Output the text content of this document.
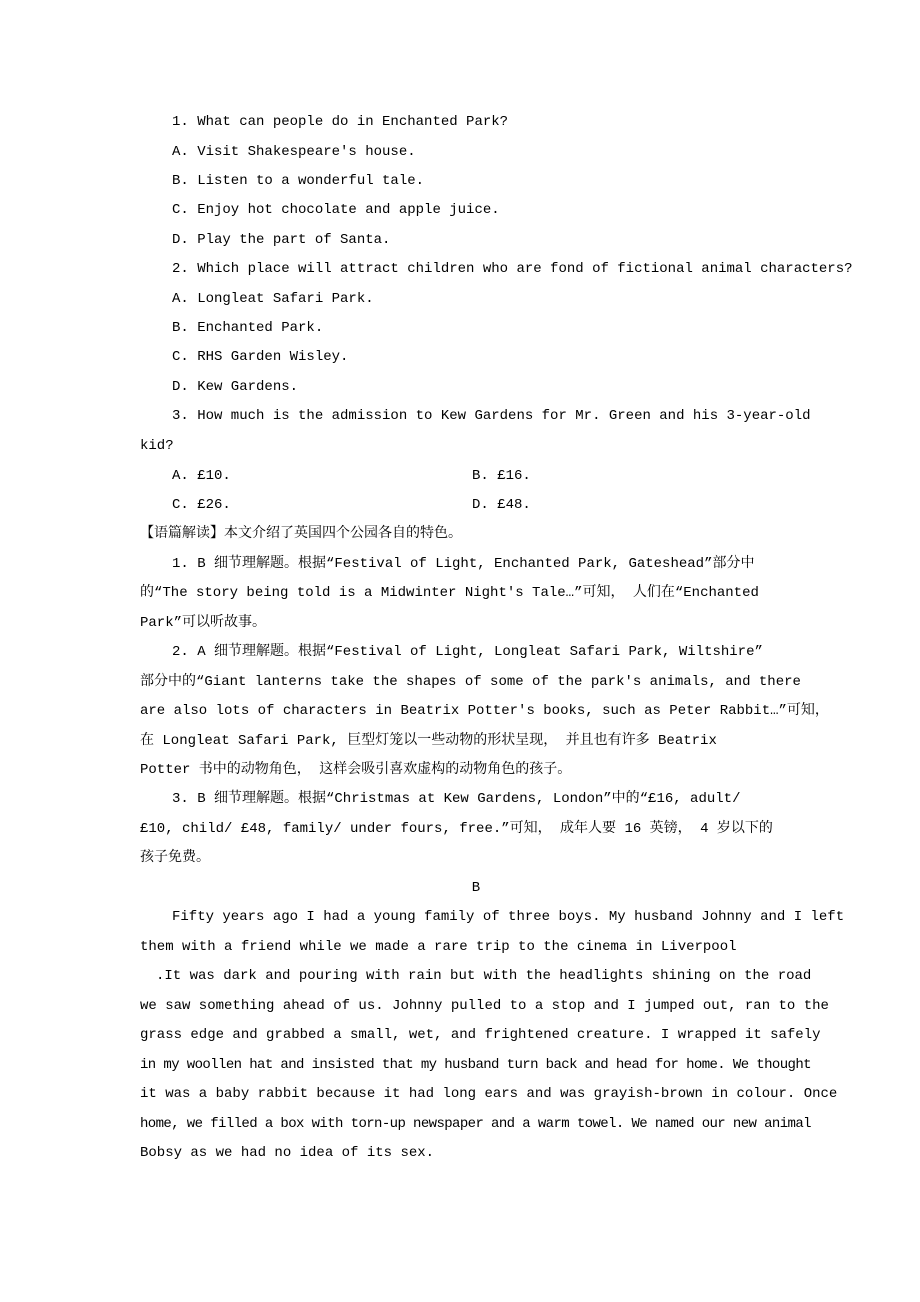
1. What can people do in Enchanted Park?
A. Visit Shakespeare's house.
B. Listen to a wonderful tale.
C. Enjoy hot chocolate and apple juice.
D. Play the part of Santa.
2. Which place will attract children who are fond of fictional animal characters?
A. Longleat Safari Park.
B. Enchanted Park.
C. RHS Garden Wisley.
D. Kew Gardens.
3. How much is the admission to Kew Gardens for Mr. Green and his 3-year-old
kid?
A. £10.	B. £16.
C. £26.	D. £48.
【语篇解读】本文介绍了英国四个公园各自的特色。
1. B 细节理解题。根据“Festival of Light, Enchanted Park, Gateshead”部分中
的“The story being told is a Midwinter Night's Tale…”可知， 人们在“Enchanted
Park”可以听故事。
2. A 细节理解题。根据“Festival of Light, Longleat Safari Park, Wiltshire”
部分中的“Giant lanterns take the shapes of some of the park's animals, and there
are also lots of characters in Beatrix Potter's books, such as Peter Rabbit…”可知，
在 Longleat Safari Park, 巨型灯笼以一些动物的形状呈现， 并且也有许多 Beatrix
Potter 书中的动物角色， 这样会吸引喜欢虚构的动物角色的孩子。
3. B 细节理解题。根据“Christmas at Kew Gardens, London”中的“£16, adult/
£10, child/ £48, family/ under fours, free.”可知， 成年人要 16 英镑， 4 岁以下的
孩子免费。
B
Fifty years ago I had a young family of three boys. My husband Johnny and I left
them with a friend while we made a rare trip to the cinema in Liverpool
.It was dark and pouring with rain but with the headlights shining on the road
we saw something ahead of us. Johnny pulled to a stop and I jumped out, ran to the
grass edge and grabbed a small, wet, and frightened creature. I wrapped it safely
in my woollen hat and insisted that my husband turn back and head for home. We thought
it was a baby rabbit because it had long ears and was grayish-brown in colour. Once
home, we filled a box with torn-up newspaper and a warm towel. We named our new animal
Bobsy as we had no idea of its sex.
